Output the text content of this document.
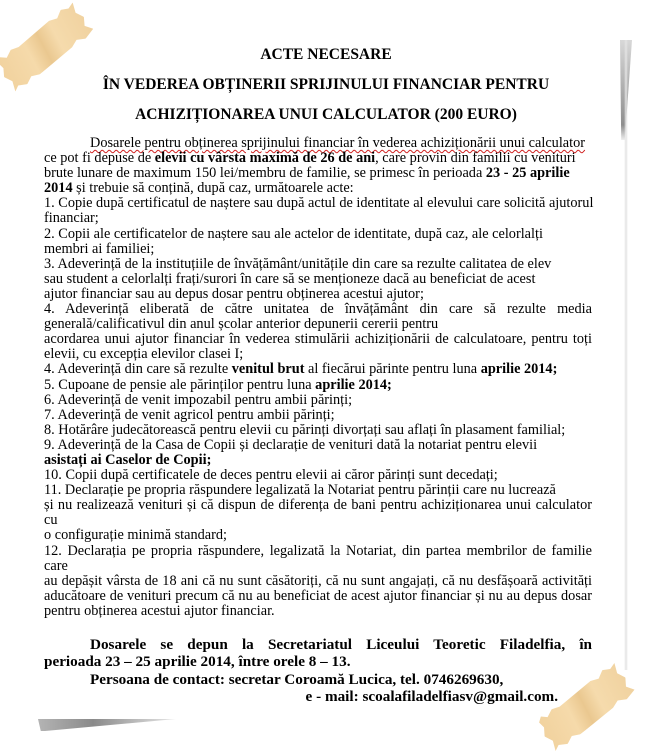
ACTE NECESARE
ÎN VEDEREA OBȚINERII SPRIJINULUI FINANCIAR PENTRU
ACHIZIȚIONAREA UNUI CALCULATOR (200 EURO)
Dosarele pentru obținerea sprijinului financiar în vederea achiziționării unui calculator
ce pot fi depuse de elevii cu vârsta maximă de 26 de ani, care provin din familii cu venituri
brute lunare de maximum 150 lei/membru de familie, se primesc în perioada 23 - 25 aprilie
2014 și trebuie să conțină, după caz, următoarele acte:
1. Copie după certificatul de naștere sau după actul de identitate al elevului care solicită ajutorul
financiar;
2. Copii ale certificatelor de naștere sau ale actelor de identitate, după caz, ale celorlalți
membri ai familiei;
3. Adeverință de la instituțiile de învățământ/unitățile din care sa rezulte calitatea de elev
sau student a celorlalți frați/surori în care să se menționeze dacă au beneficiat de acest
ajutor financiar sau au depus dosar pentru obținerea acestui ajutor;
4. Adeverință eliberată de către unitatea de învățământ din care să rezulte media
generală/calificativul din anul școlar anterior depunerii cererii pentru
acordarea unui ajutor financiar în vederea stimulării achiziționării de calculatoare, pentru toți
elevii, cu excepția elevilor clasei I;
4. Adeverință din care să rezulte venitul brut al fiecărui părinte pentru luna aprilie 2014;
5. Cupoane de pensie ale părinților pentru luna aprilie 2014;
6. Adeverință de venit impozabil pentru ambii părinți;
7. Adeverință de venit agricol pentru ambii părinți;
8. Hotărâre judecătorească pentru elevii cu părinți divorțați sau aflați în plasament familial;
9. Adeverință de la Casa de Copii și declarație de venituri dată la notariat pentru elevii
asistați ai Caselor de Copii;
10. Copii după certificatele de deces pentru elevii ai căror părinți sunt decedați;
11. Declarație pe propria răspundere legalizată la Notariat pentru părinții care nu lucrează
și nu realizează venituri și că dispun de diferența de bani pentru achiziționarea unui calculator cu
o configurație minimă standard;
12. Declarația pe propria răspundere, legalizată la Notariat, din partea membrilor de familie care
au depășit vârsta de 18 ani că nu sunt căsătoriți, că nu sunt angajați, că nu desfășoară activități
aducătoare de venituri precum că nu au beneficiat de acest ajutor financiar și nu au depus dosar
pentru obținerea acestui ajutor financiar.
Dosarele se depun la Secretariatul Liceului Teoretic Filadelfia, în
perioada 23 – 25 aprilie 2014, între orele 8 – 13.
Persoana de contact: secretar Coroamă Lucica, tel. 0746269630,
e - mail: scoalafiladelfiasv@gmail.com.
